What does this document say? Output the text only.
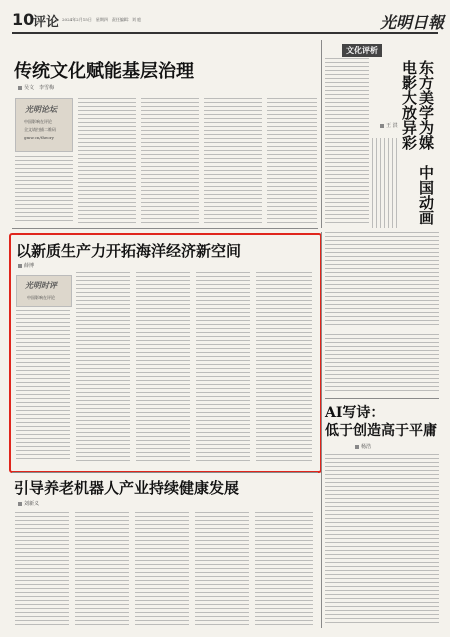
10
评论 2024年2月15日　星期四　责任编辑：刘 庭	光明日報
传统文化赋能基层治理
吴文　李雪梅
光明论坛
中国影响在评论
全文请扫描二维码
gmw.cn/theory
文化评析
东方美学为媒　中国动画电影大放异彩
王 洪
以新质生产力开拓海洋经济新空间
薛博
光明时评
中国影响在评论
AI写诗：
低于创造高于平庸
杨浩
引导养老机器人产业持续健康发展
刘新义
